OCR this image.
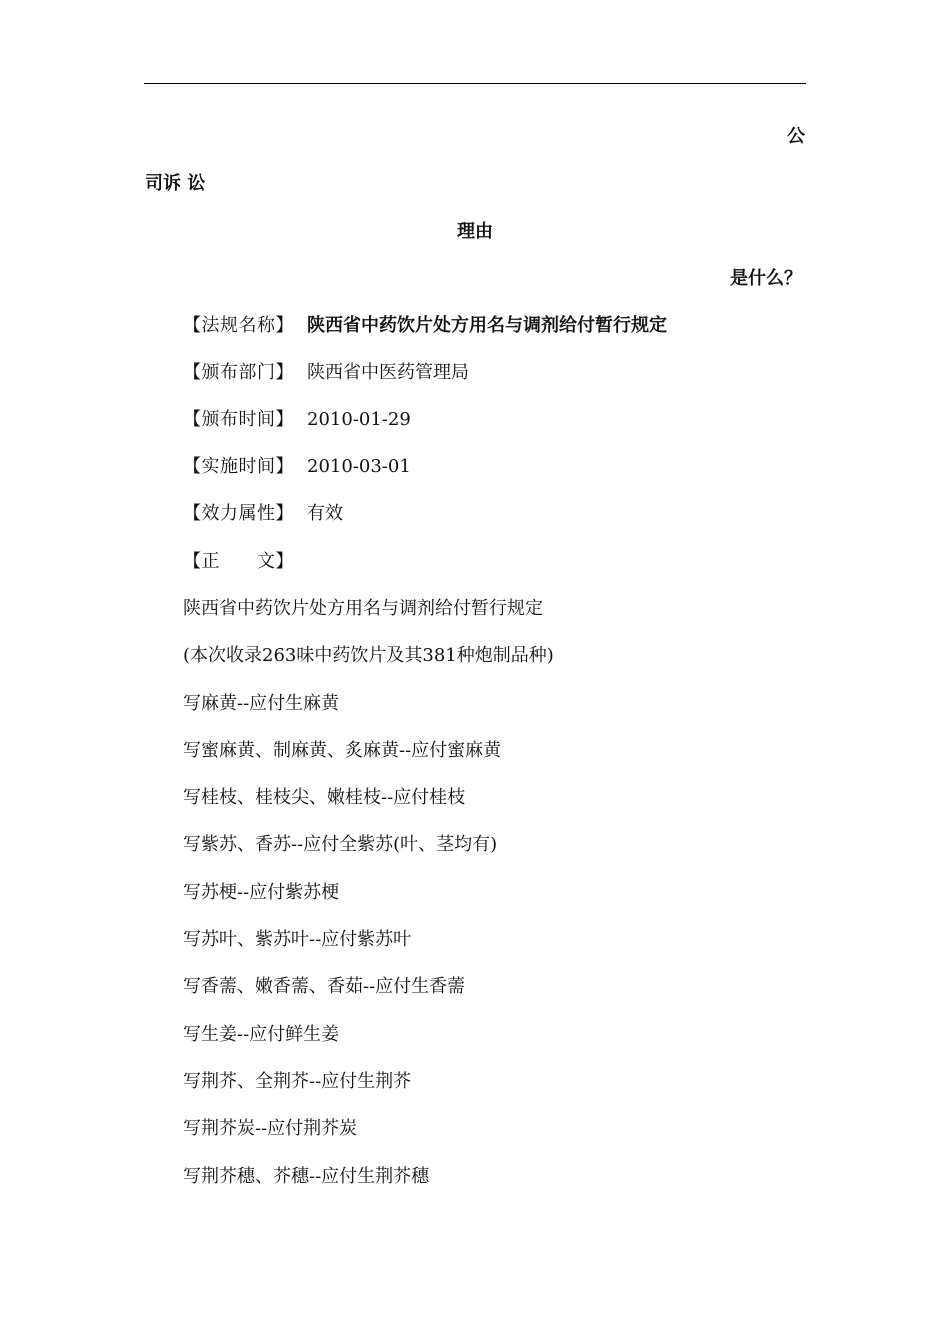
公
司诉 讼
理由
是什么？
【法规名称】 陕西省中药饮片处方用名与调剂给付暂行规定
【颁布部门】 陕西省中医药管理局
【颁布时间】 2010-01-29
【实施时间】 2010-03-01
【效力属性】 有效
【正　　文】
陕西省中药饮片处方用名与调剂给付暂行规定
(本次收录263味中药饮片及其381种炮制品种)
写麻黄--应付生麻黄
写蜜麻黄、制麻黄、炙麻黄--应付蜜麻黄
写桂枝、桂枝尖、嫩桂枝--应付桂枝
写紫苏、香苏--应付全紫苏(叶、茎均有)
写苏梗--应付紫苏梗
写苏叶、紫苏叶--应付紫苏叶
写香薷、嫩香薷、香茹--应付生香薷
写生姜--应付鲜生姜
写荆芥、全荆芥--应付生荆芥
写荆芥炭--应付荆芥炭
写荆芥穗、芥穗--应付生荆芥穗
